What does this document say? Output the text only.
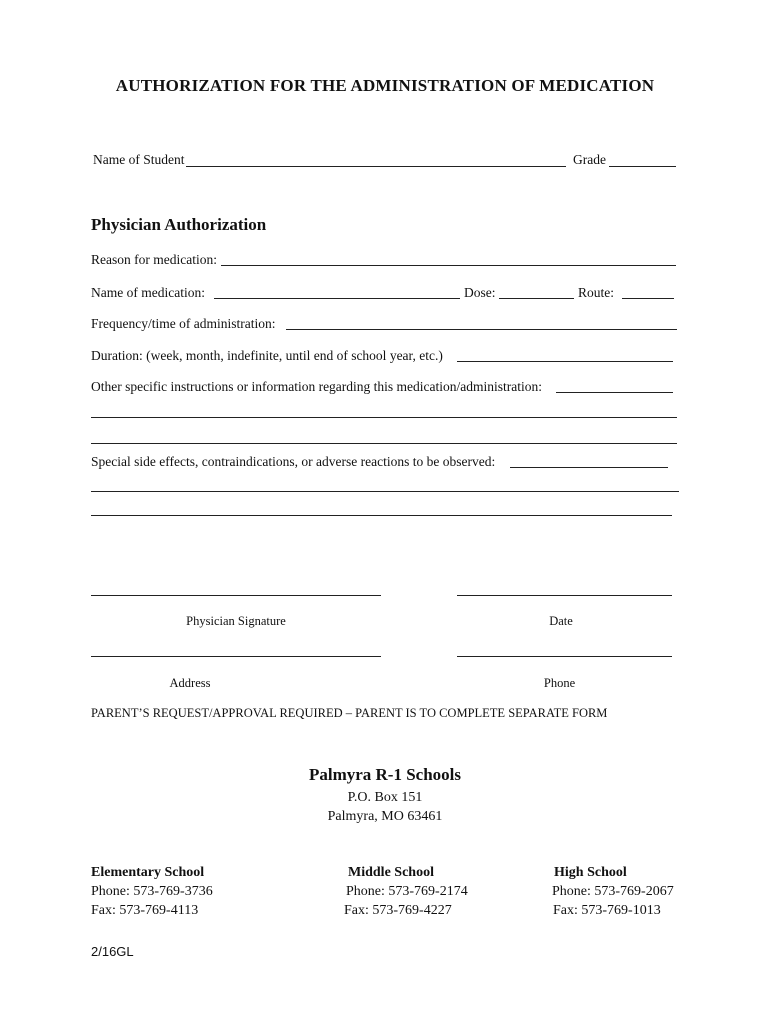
AUTHORIZATION FOR THE ADMINISTRATION OF MEDICATION
Name of Student	Grade
Physician Authorization
Reason for medication:
Name of medication:	Dose:	Route:
Frequency/time of administration:
Duration: (week, month, indefinite, until end of school year, etc.)
Other specific instructions or information regarding this medication/administration:
Special side effects, contraindications, or adverse reactions to be observed:
Physician Signature	Date
Address	Phone
PARENT’S REQUEST/APPROVAL REQUIRED – PARENT IS TO COMPLETE SEPARATE FORM
Palmyra R-1 Schools
P.O. Box 151
Palmyra, MO 63461
Elementary School
Phone: 573-769-3736
Fax: 573-769-4113
Middle School
Phone: 573-769-2174
Fax: 573-769-4227
High School
Phone: 573-769-2067
Fax: 573-769-1013
2/16GL
